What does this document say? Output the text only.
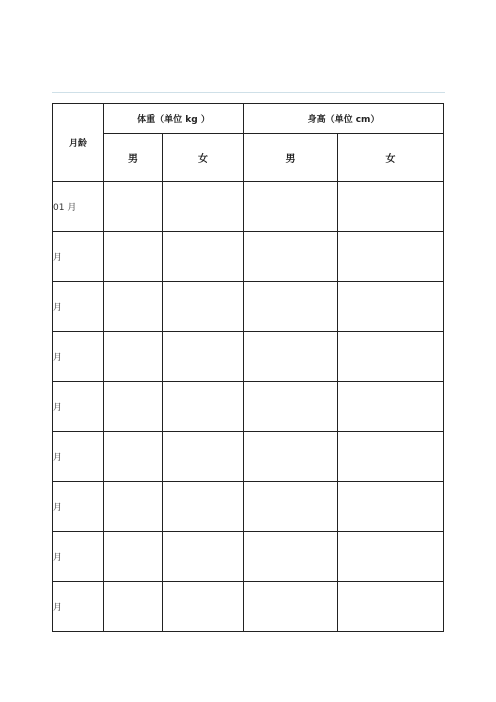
月龄	体重（单位 kg ）		身高（单位 cm）	
	男	女	男	女
01 月				
月				
月				
月				
月				
月				
月				
月				
月				
